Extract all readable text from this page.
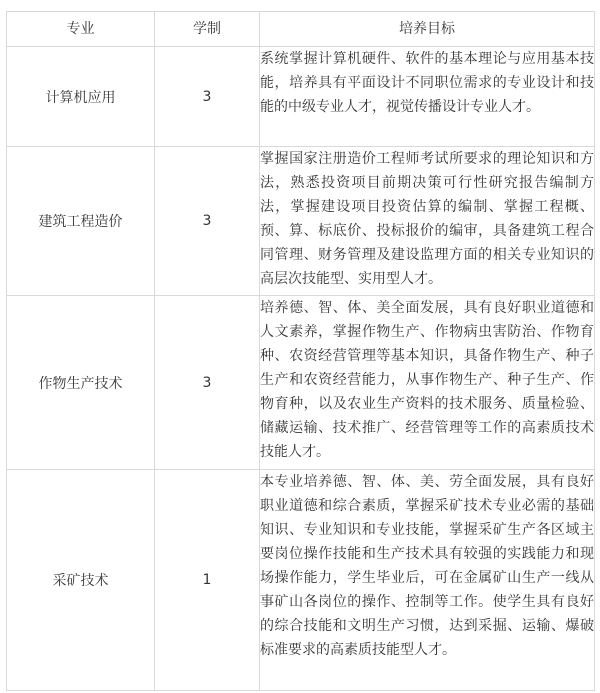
专业	学制	培养目标
计算机应用	3	系统掌握计算机硬件、软件的基本理论与应用基本技能，培养具有平面设计不同职位需求的专业设计和技能的中级专业人才，视觉传播设计专业人才。
建筑工程造价	3	掌握国家注册造价工程师考试所要求的理论知识和方法，熟悉投资项目前期决策可行性研究报告编制方法，掌握建设项目投资估算的编制、掌握工程概、预、算、标底价、投标报价的编审，具备建筑工程合同管理、财务管理及建设监理方面的相关专业知识的高层次技能型、实用型人才。
作物生产技术	3	培养德、智、体、美全面发展，具有良好职业道德和人文素养，掌握作物生产、作物病虫害防治、作物育种、农资经营管理等基本知识，具备作物生产、种子生产和农资经营能力，从事作物生产、种子生产、作物育种，以及农业生产资料的技术服务、质量检验、储藏运输、技术推广、经营管理等工作的高素质技术技能人才。
采矿技术	1	本专业培养德、智、体、美、劳全面发展，具有良好职业道德和综合素质，掌握采矿技术专业必需的基础知识、专业知识和专业技能，掌握采矿生产各区域主要岗位操作技能和生产技术具有较强的实践能力和现场操作能力，学生毕业后，可在金属矿山生产一线从事矿山各岗位的操作、控制等工作。使学生具有良好的综合技能和文明生产习惯，达到采掘、运输、爆破标准要求的高素质技能型人才。
